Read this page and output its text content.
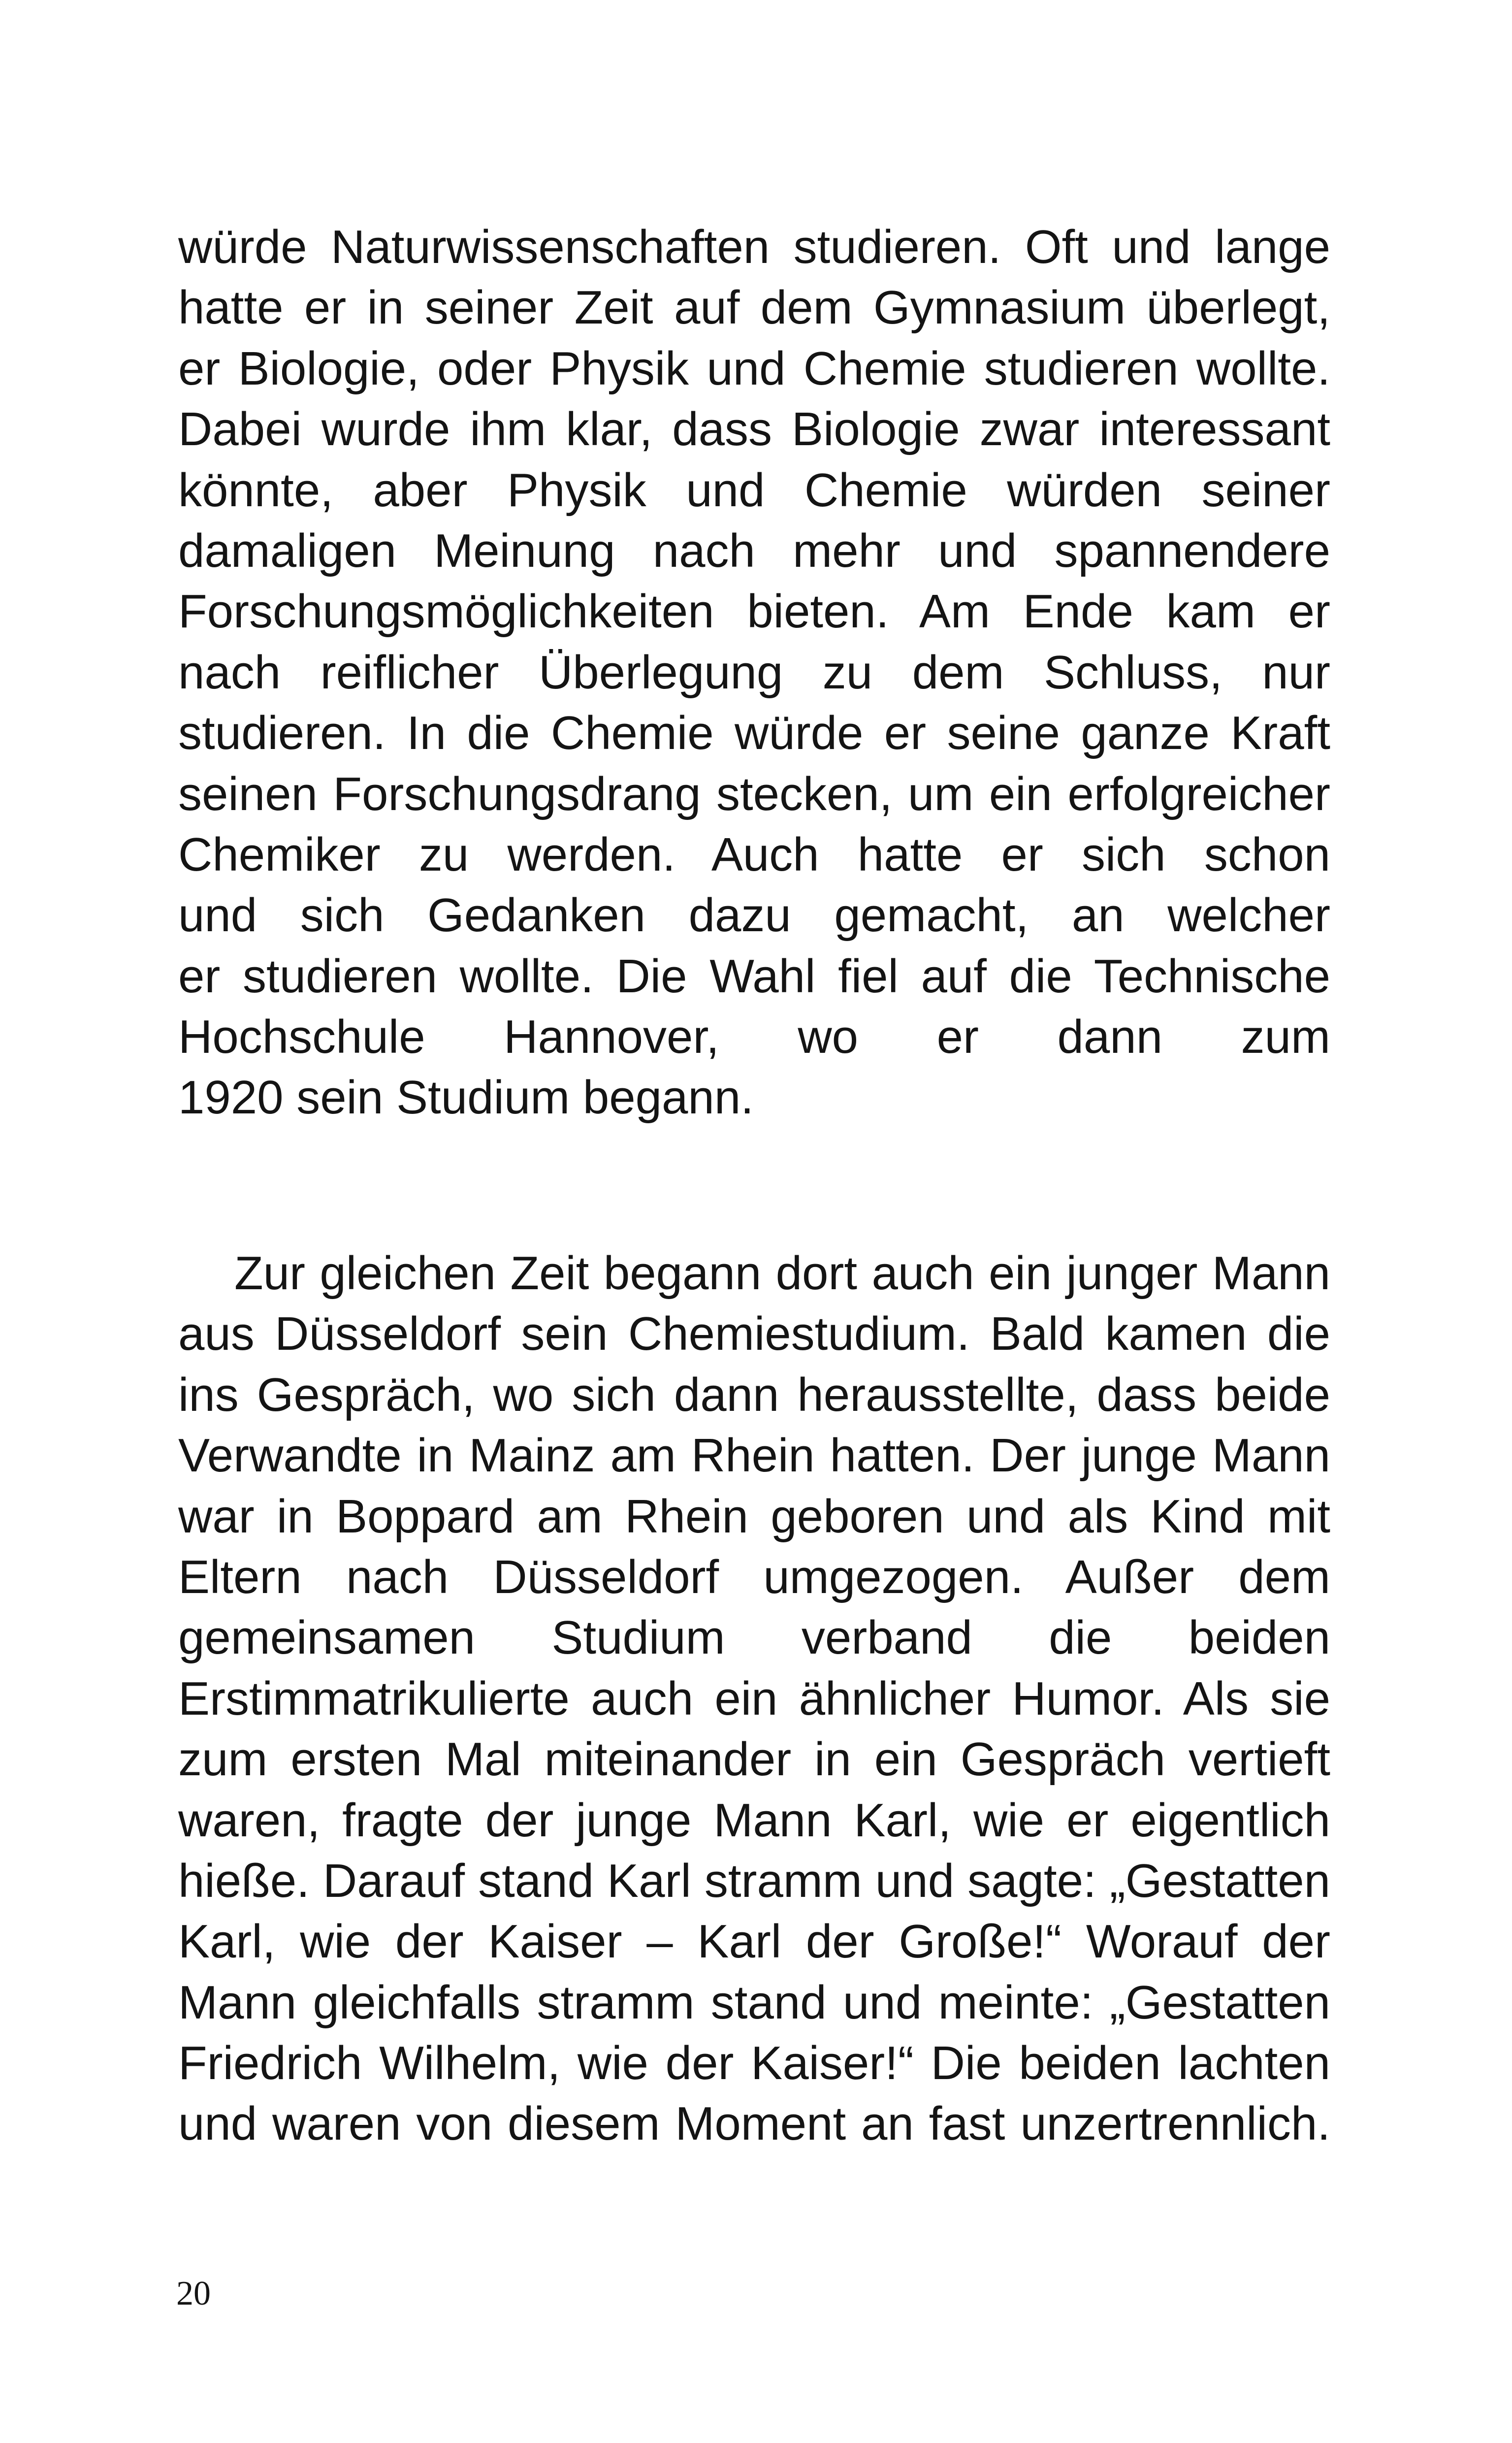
würde Naturwissenschaften studieren. Oft und lange
hatte er in seiner Zeit auf dem Gymnasium überlegt,
er Biologie, oder Physik und Chemie studieren wollte.
Dabei wurde ihm klar, dass Biologie zwar interessant
könnte, aber Physik und Chemie würden seiner
damaligen Meinung nach mehr und spannendere
Forschungsmöglichkeiten bieten. Am Ende kam er
nach reiflicher Überlegung zu dem Schluss, nur
studieren. In die Chemie würde er seine ganze Kraft
seinen Forschungsdrang stecken, um ein erfolgreicher
Chemiker zu werden. Auch hatte er sich schon
und sich Gedanken dazu gemacht, an welcher
er studieren wollte. Die Wahl fiel auf die Technische
Hochschule Hannover, wo er dann zum
1920 sein Studium begann.
Zur gleichen Zeit begann dort auch ein junger Mann
aus Düsseldorf sein Chemiestudium. Bald kamen die
ins Gespräch, wo sich dann herausstellte, dass beide
Verwandte in Mainz am Rhein hatten. Der junge Mann
war in Boppard am Rhein geboren und als Kind mit
Eltern nach Düsseldorf umgezogen. Außer dem
gemeinsamen Studium verband die beiden
Erstimmatrikulierte auch ein ähnlicher Humor. Als sie
zum ersten Mal miteinander in ein Gespräch vertieft
waren, fragte der junge Mann Karl, wie er eigentlich
hieße. Darauf stand Karl stramm und sagte: „Gestatten
Karl, wie der Kaiser – Karl der Große!“ Worauf der
Mann gleichfalls stramm stand und meinte: „Gestatten
Friedrich Wilhelm, wie der Kaiser!“ Die beiden lachten
und waren von diesem Moment an fast unzertrennlich.
20
